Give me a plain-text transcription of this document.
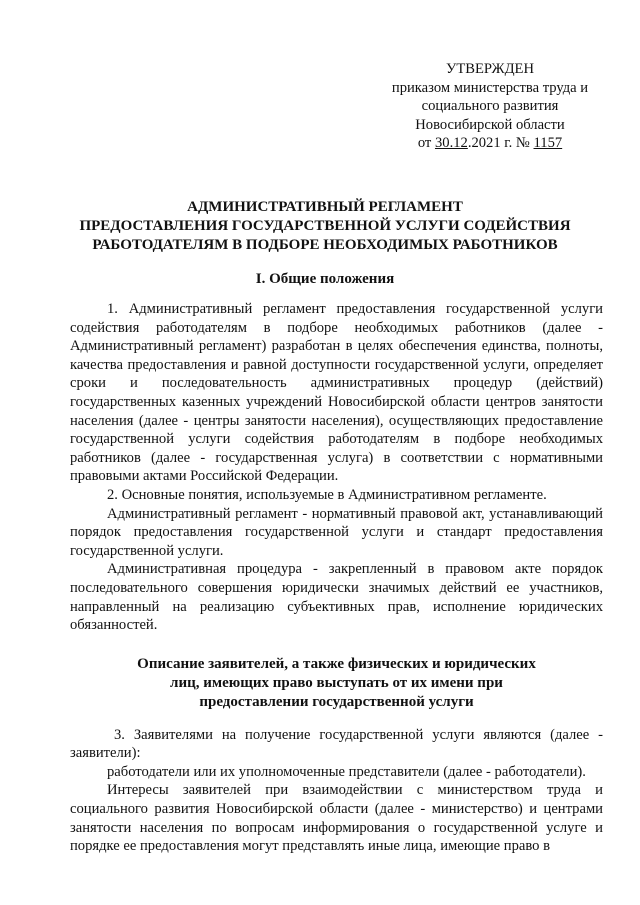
УТВЕРЖДЕН
приказом министерства труда и
социального развития
Новосибирской области
от 30.12.2021 г. № 1157
АДМИНИСТРАТИВНЫЙ РЕГЛАМЕНТ
ПРЕДОСТАВЛЕНИЯ ГОСУДАРСТВЕННОЙ УСЛУГИ СОДЕЙСТВИЯ
РАБОТОДАТЕЛЯМ В ПОДБОРЕ НЕОБХОДИМЫХ РАБОТНИКОВ
I. Общие положения

1. Административный регламент предоставления государственной услуги содействия работодателям в подборе необходимых работников (далее - Административный регламент) разработан в целях обеспечения единства, полноты, качества предоставления и равной доступности государственной услуги, определяет сроки и последовательность административных процедур (действий) государственных казенных учреждений Новосибирской области центров занятости населения (далее - центры занятости населения), осуществляющих предоставление государственной услуги содействия работодателям в подборе необходимых работников (далее - государственная услуга) в соответствии с нормативными правовыми актами Российской Федерации.

2. Основные понятия, используемые в Административном регламенте.

Административный регламент - нормативный правовой акт, устанавливающий порядок предоставления государственной услуги и стандарт предоставления государственной услуги.

Административная процедура - закрепленный в правовом акте порядок последовательного совершения юридически значимых действий ее участников, направленный на реализацию субъективных прав, исполнение юридических обязанностей.

Описание заявителей, а также физических и юридических
лиц, имеющих право выступать от их имени при
предоставлении государственной услуги

3. Заявителями на получение государственной услуги являются (далее - заявители):

работодатели или их уполномоченные представители (далее - работодатели).

Интересы заявителей при взаимодействии с министерством труда и социального развития Новосибирской области (далее - министерство) и центрами занятости населения по вопросам информирования о государственной услуге и порядке ее предоставления могут представлять иные лица, имеющие право в
